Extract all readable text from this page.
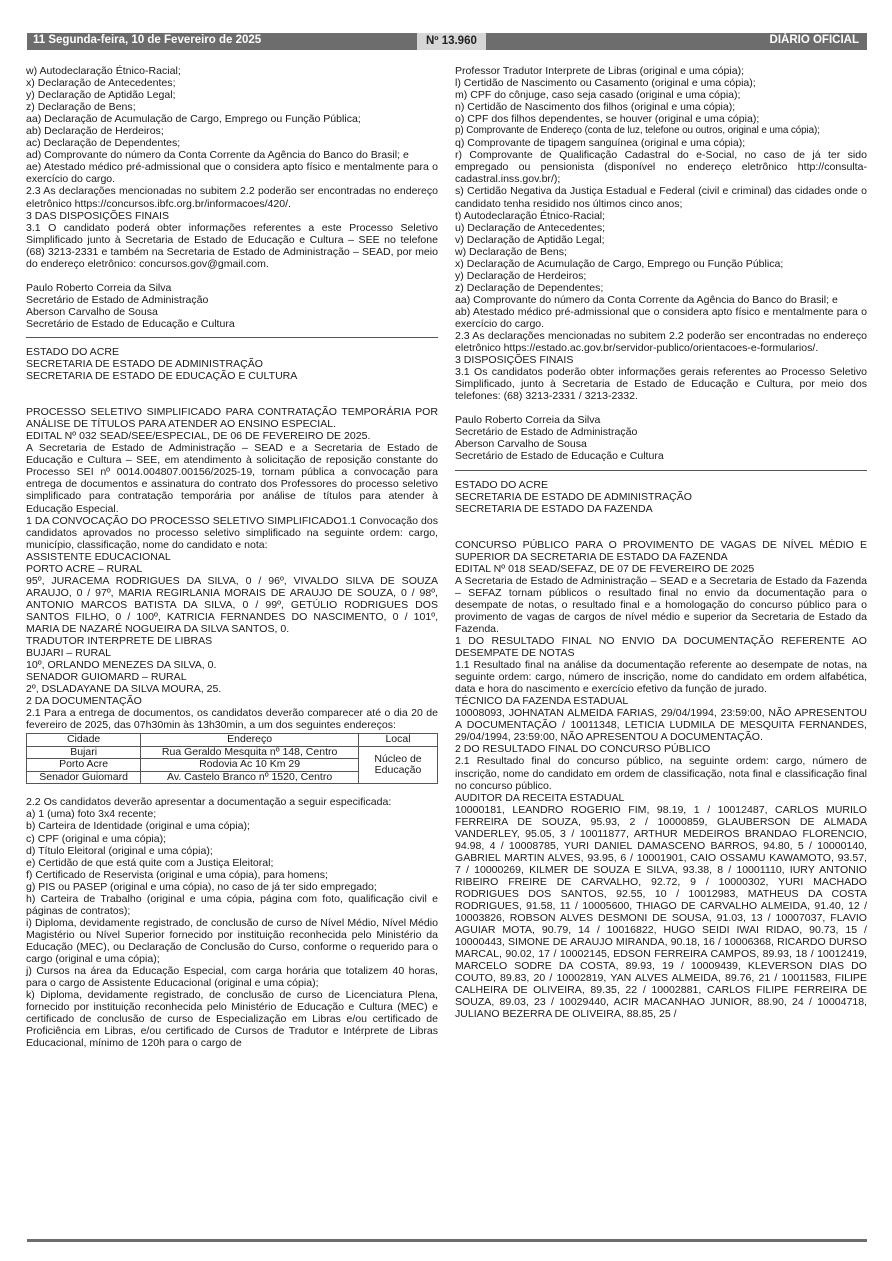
11 Segunda-feira, 10 de Fevereiro de 2025	Nº 13.960	DIÁRIO OFICIAL

w) Autodeclaração Étnico-Racial;

x) Declaração de Antecedentes;

y) Declaração de Aptidão Legal;

z) Declaração de Bens;

aa) Declaração de Acumulação de Cargo, Emprego ou Função Pública;

ab) Declaração de Herdeiros;

ac) Declaração de Dependentes;

ad) Comprovante do número da Conta Corrente da Agência do Banco do Brasil; e

ae) Atestado médico pré-admissional que o considera apto físico e mentalmente para o exercício do cargo.

2.3 As declarações mencionadas no subitem 2.2 poderão ser encontradas no endereço eletrônico https://concursos.ibfc.org.br/informacoes/420/.

3 DAS DISPOSIÇÕES FINAIS

3.1 O candidato poderá obter informações referentes a este Processo Seletivo Simplificado junto à Secretaria de Estado de Educação e Cultura – SEE no telefone (68) 3213-2331 e também na Secretaria de Estado de Administração – SEAD, por meio do endereço eletrônico: concursos.gov@gmail.com.

Paulo Roberto Correia da Silva

Secretário de Estado de Administração

Aberson Carvalho de Sousa

Secretário de Estado de Educação e Cultura

ESTADO DO ACRE

SECRETARIA DE ESTADO DE ADMINISTRAÇÃO

SECRETARIA DE ESTADO DE EDUCAÇÃO E CULTURA

PROCESSO SELETIVO SIMPLIFICADO PARA CONTRATAÇÃO TEMPORÁRIA POR ANÁLISE DE TÍTULOS PARA ATENDER AO ENSINO ESPECIAL.

EDITAL Nº 032 SEAD/SEE/ESPECIAL, DE 06 DE FEVEREIRO DE 2025.

A Secretaria de Estado de Administração – SEAD e a Secretaria de Estado de Educação e Cultura – SEE, em atendimento à solicitação de reposição constante do Processo SEI nº 0014.004807.00156/2025-19, tornam pública a convocação para entrega de documentos e assinatura do contrato dos Professores do processo seletivo simplificado para contratação temporária por análise de títulos para atender à Educação Especial.

1 DA CONVOCAÇÃO DO PROCESSO SELETIVO SIMPLIFICADO1.1 Convocação dos candidatos aprovados no processo seletivo simplificado na seguinte ordem: cargo, município, classificação, nome do candidato e nota:

ASSISTENTE EDUCACIONAL

PORTO ACRE – RURAL

95º, JURACEMA RODRIGUES DA SILVA, 0 / 96º, VIVALDO SILVA DE SOUZA ARAUJO, 0 / 97º, MARIA REGIRLANIA MORAIS DE ARAUJO DE SOUZA, 0 / 98º, ANTONIO MARCOS BATISTA DA SILVA, 0 / 99º, GETÚLIO RODRIGUES DOS SANTOS FILHO, 0 / 100º, KATRICIA FERNANDES DO NASCIMENTO, 0 / 101º, MARIA DE NAZARÉ NOGUEIRA DA SILVA SANTOS, 0.

TRADUTOR INTERPRETE DE LIBRAS

BUJARI – RURAL

10º, ORLANDO MENEZES DA SILVA, 0.

SENADOR GUIOMARD – RURAL

2º, DSLADAYANE DA SILVA MOURA, 25.

2 DA DOCUMENTAÇÃO

2.1 Para a entrega de documentos, os candidatos deverão comparecer até o dia 20 de fevereiro de 2025, das 07h30min às 13h30min, a um dos seguintes endereços:

Cidade	Endereço	Local
Bujari	Rua Geraldo Mesquita nº 148, Centro	Núcleo de Educação
Porto Acre	Rodovia Ac 10 Km 29	
Senador Guiomard	Av. Castelo Branco nº 1520, Centro	

2.2 Os candidatos deverão apresentar a documentação a seguir especificada:

a) 1 (uma) foto 3x4 recente;

b) Carteira de Identidade (original e uma cópia);

c) CPF (original e uma cópia);

d) Título Eleitoral (original e uma cópia);

e) Certidão de que está quite com a Justiça Eleitoral;

f) Certificado de Reservista (original e uma cópia), para homens;

g) PIS ou PASEP (original e uma cópia), no caso de já ter sido empregado;

h) Carteira de Trabalho (original e uma cópia, página com foto, qualificação civil e páginas de contratos);

i) Diploma, devidamente registrado, de conclusão de curso de Nível Médio, Nível Médio Magistério ou Nível Superior fornecido por instituição reconhecida pelo Ministério da Educação (MEC), ou Declaração de Conclusão do Curso, conforme o requerido para o cargo (original e uma cópia);

j) Cursos na área da Educação Especial, com carga horária que totalizem 40 horas, para o cargo de Assistente Educacional (original e uma cópia);

k) Diploma, devidamente registrado, de conclusão de curso de Licenciatura Plena, fornecido por instituição reconhecida pelo Ministério de Educação e Cultura (MEC) e certificado de conclusão de curso de Especialização em Libras e/ou certificado de Proficiência em Libras, e/ou certificado de Cursos de Tradutor e Intérprete de Libras Educacional, mínimo de 120h para o cargo de

Professor Tradutor Interprete de Libras (original e uma cópia);

l) Certidão de Nascimento ou Casamento (original e uma cópia);

m) CPF do cônjuge, caso seja casado (original e uma cópia);

n) Certidão de Nascimento dos filhos (original e uma cópia);

o) CPF dos filhos dependentes, se houver (original e uma cópia);

p) Comprovante de Endereço (conta de luz, telefone ou outros, original e uma cópia);

q) Comprovante de tipagem sanguínea (original e uma cópia);

r) Comprovante de Qualificação Cadastral do e-Social, no caso de já ter sido empregado ou pensionista (disponível no endereço eletrônico http://consulta-cadastral.inss.gov.br/);

s) Certidão Negativa da Justiça Estadual e Federal (civil e criminal) das cidades onde o candidato tenha residido nos últimos cinco anos;

t) Autodeclaração Étnico-Racial;

u) Declaração de Antecedentes;

v) Declaração de Aptidão Legal;

w) Declaração de Bens;

x) Declaração de Acumulação de Cargo, Emprego ou Função Pública;

y) Declaração de Herdeiros;

z) Declaração de Dependentes;

aa) Comprovante do número da Conta Corrente da Agência do Banco do Brasil; e

ab) Atestado médico pré-admissional que o considera apto físico e mentalmente para o exercício do cargo.

2.3 As declarações mencionadas no subitem 2.2 poderão ser encontradas no endereço eletrônico https://estado.ac.gov.br/servidor-publico/orientacoes-e-formularios/.

3 DISPOSIÇÕES FINAIS

3.1 Os candidatos poderão obter informações gerais referentes ao Processo Seletivo Simplificado, junto à Secretaria de Estado de Educação e Cultura, por meio dos telefones: (68) 3213-2331 / 3213-2332.

Paulo Roberto Correia da Silva

Secretário de Estado de Administração

Aberson Carvalho de Sousa

Secretário de Estado de Educação e Cultura

ESTADO DO ACRE

SECRETARIA DE ESTADO DE ADMINISTRAÇÃO

SECRETARIA DE ESTADO DA FAZENDA

CONCURSO PÚBLICO PARA O PROVIMENTO DE VAGAS DE NÍVEL MÉDIO E SUPERIOR DA SECRETARIA DE ESTADO DA FAZENDA

EDITAL Nº 018 SEAD/SEFAZ, DE 07 DE FEVEREIRO DE 2025

A Secretaria de Estado de Administração – SEAD e a Secretaria de Estado da Fazenda – SEFAZ tornam públicos o resultado final no envio da documentação para o desempate de notas, o resultado final e a homologação do concurso público para o provimento de vagas de cargos de nível médio e superior da Secretaria de Estado da Fazenda.

1 DO RESULTADO FINAL NO ENVIO DA DOCUMENTAÇÃO REFERENTE AO DESEMPATE DE NOTAS

1.1 Resultado final na análise da documentação referente ao desempate de notas, na seguinte ordem: cargo, número de inscrição, nome do candidato em ordem alfabética, data e hora do nascimento e exercício efetivo da função de jurado.

TÉCNICO DA FAZENDA ESTADUAL

10008093, JOHNATAN ALMEIDA FARIAS, 29/04/1994, 23:59:00, NÃO APRESENTOU A DOCUMENTAÇÃO / 10011348, LETICIA LUDMILA DE MESQUITA FERNANDES, 29/04/1994, 23:59:00, NÃO APRESENTOU A DOCUMENTAÇÃO.

2 DO RESULTADO FINAL DO CONCURSO PÚBLICO

2.1 Resultado final do concurso público, na seguinte ordem: cargo, número de inscrição, nome do candidato em ordem de classificação, nota final e classificação final no concurso público.

AUDITOR DA RECEITA ESTADUAL

10000181, LEANDRO ROGERIO FIM, 98.19, 1 / 10012487, CARLOS MURILO FERREIRA DE SOUZA, 95.93, 2 / 10000859, GLAUBERSON DE ALMADA VANDERLEY, 95.05, 3 / 10011877, ARTHUR MEDEIROS BRANDAO FLORENCIO, 94.98, 4 / 10008785, YURI DANIEL DAMASCENO BARROS, 94.80, 5 / 10000140, GABRIEL MARTIN ALVES, 93.95, 6 / 10001901, CAIO OSSAMU KAWAMOTO, 93.57, 7 / 10000269, KILMER DE SOUZA E SILVA, 93.38, 8 / 10001110, IURY ANTONIO RIBEIRO FREIRE DE CARVALHO, 92.72, 9 / 10000302, YURI MACHADO RODRIGUES DOS SANTOS, 92.55, 10 / 10012983, MATHEUS DA COSTA RODRIGUES, 91.58, 11 / 10005600, THIAGO DE CARVALHO ALMEIDA, 91.40, 12 / 10003826, ROBSON ALVES DESMONI DE SOUSA, 91.03, 13 / 10007037, FLAVIO AGUIAR MOTA, 90.79, 14 / 10016822, HUGO SEIDI IWAI RIDAO, 90.73, 15 / 10000443, SIMONE DE ARAUJO MIRANDA, 90.18, 16 / 10006368, RICARDO DURSO MARCAL, 90.02, 17 / 10002145, EDSON FERREIRA CAMPOS, 89.93, 18 / 10012419, MARCELO SODRE DA COSTA, 89.93, 19 / 10009439, KLEVERSON DIAS DO COUTO, 89.83, 20 / 10002819, YAN ALVES ALMEIDA, 89.76, 21 / 10011583, FILIPE CALHEIRA DE OLIVEIRA, 89.35, 22 / 10002881, CARLOS FILIPE FERREIRA DE SOUZA, 89.03, 23 / 10029440, ACIR MACANHAO JUNIOR, 88.90, 24 / 10004718, JULIANO BEZERRA DE OLIVEIRA, 88.85, 25 /
